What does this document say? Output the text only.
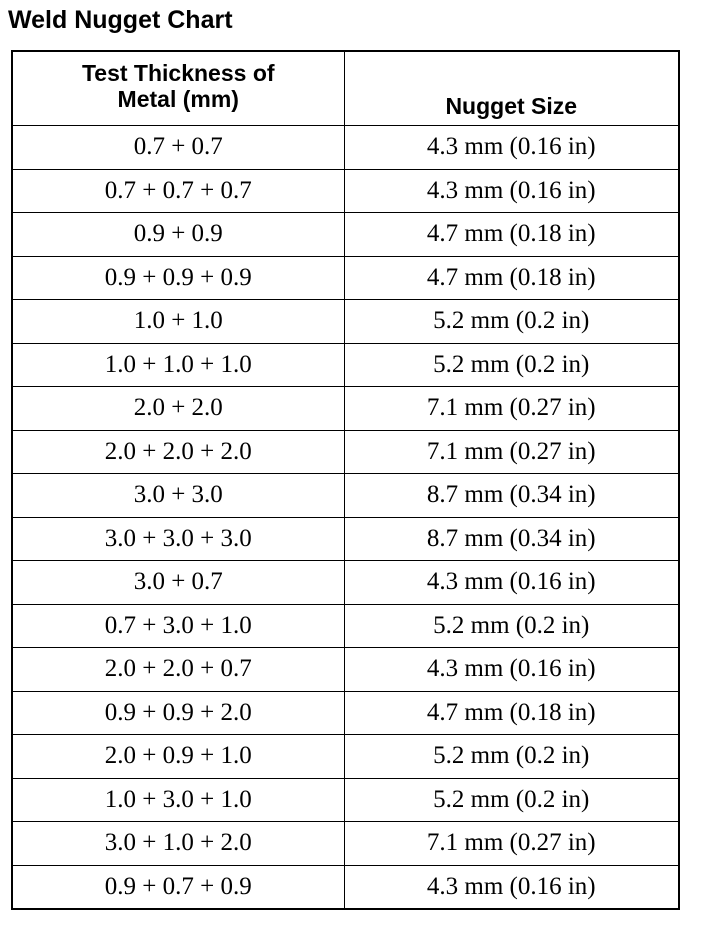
Weld Nugget Chart
Test Thickness of
Metal (mm)	Nugget Size
0.7 + 0.7	4.3 mm (0.16 in)
0.7 + 0.7 + 0.7	4.3 mm (0.16 in)
0.9 + 0.9	4.7 mm (0.18 in)
0.9 + 0.9 + 0.9	4.7 mm (0.18 in)
1.0 + 1.0	5.2 mm (0.2 in)
1.0 + 1.0 + 1.0	5.2 mm (0.2 in)
2.0 + 2.0	7.1 mm (0.27 in)
2.0 + 2.0 + 2.0	7.1 mm (0.27 in)
3.0 + 3.0	8.7 mm (0.34 in)
3.0 + 3.0 + 3.0	8.7 mm (0.34 in)
3.0 + 0.7	4.3 mm (0.16 in)
0.7 + 3.0 + 1.0	5.2 mm (0.2 in)
2.0 + 2.0 + 0.7	4.3 mm (0.16 in)
0.9 + 0.9 + 2.0	4.7 mm (0.18 in)
2.0 + 0.9 + 1.0	5.2 mm (0.2 in)
1.0 + 3.0 + 1.0	5.2 mm (0.2 in)
3.0 + 1.0 + 2.0	7.1 mm (0.27 in)
0.9 + 0.7 + 0.9	4.3 mm (0.16 in)
